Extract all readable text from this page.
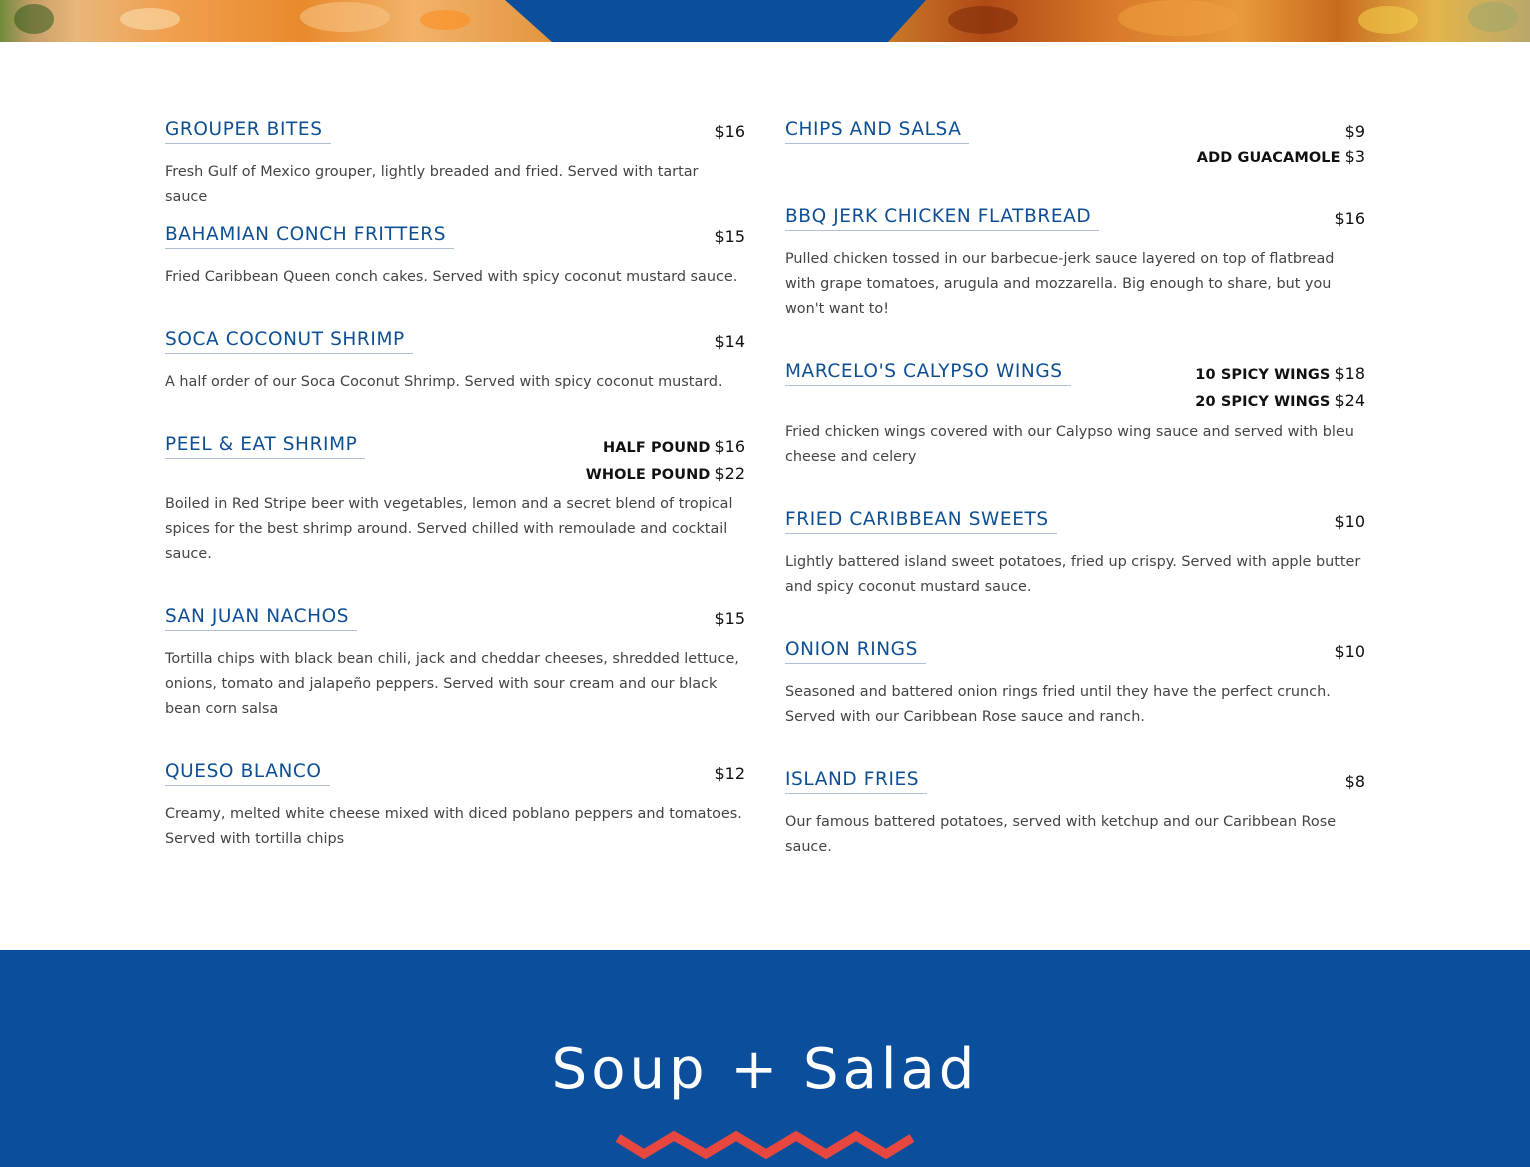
GROUPER BITES	$16
Fresh Gulf of Mexico grouper, lightly breaded and fried. Served with tartar sauce
BAHAMIAN CONCH FRITTERS	$15
Fried Caribbean Queen conch cakes. Served with spicy coconut mustard sauce.
SOCA COCONUT SHRIMP	$14
A half order of our Soca Coconut Shrimp. Served with spicy coconut mustard.
PEEL & EAT SHRIMP	HALF POUND $16
WHOLE POUND $22
Boiled in Red Stripe beer with vegetables, lemon and a secret blend of tropical spices for the best shrimp around. Served chilled with remoulade and cocktail sauce.
SAN JUAN NACHOS	$15
Tortilla chips with black bean chili, jack and cheddar cheeses, shredded lettuce, onions, tomato and jalapeño peppers. Served with sour cream and our black bean corn salsa
QUESO BLANCO	$12
Creamy, melted white cheese mixed with diced poblano peppers and tomatoes. Served with tortilla chips
CHIPS AND SALSA	$9
ADD GUACAMOLE $3
BBQ JERK CHICKEN FLATBREAD	$16
Pulled chicken tossed in our barbecue-jerk sauce layered on top of flatbread with grape tomatoes, arugula and mozzarella. Big enough to share, but you won't want to!
MARCELO'S CALYPSO WINGS	10 SPICY WINGS $18
20 SPICY WINGS $24
Fried chicken wings covered with our Calypso wing sauce and served with bleu cheese and celery
FRIED CARIBBEAN SWEETS	$10
Lightly battered island sweet potatoes, fried up crispy. Served with apple butter and spicy coconut mustard sauce.
ONION RINGS	$10
Seasoned and battered onion rings fried until they have the perfect crunch. Served with our Caribbean Rose sauce and ranch.
ISLAND FRIES	$8
Our famous battered potatoes, served with ketchup and our Caribbean Rose sauce.
Soup + Salad
